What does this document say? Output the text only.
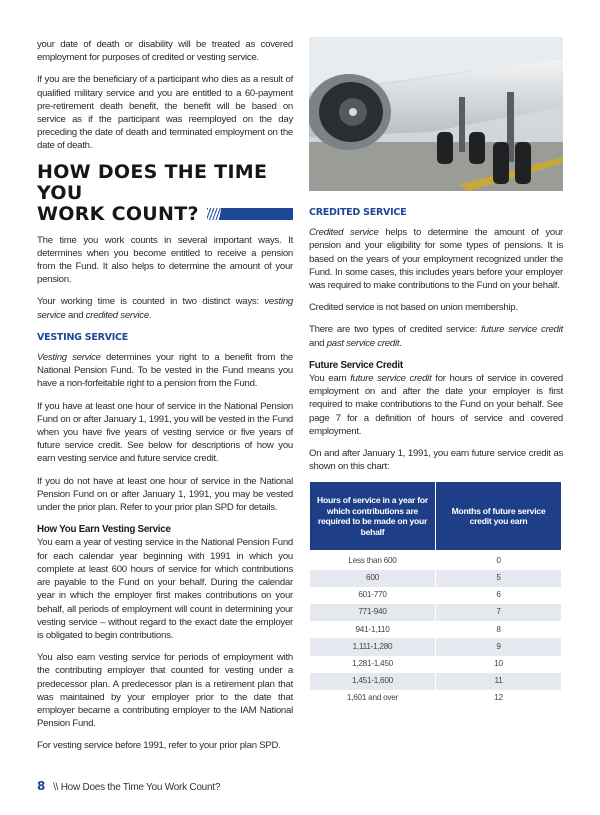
your date of death or disability will be treated as covered employment for purposes of credited or vesting service.

If you are the beneficiary of a participant who dies as a result of qualified military service and you are entitled to a 60-payment pre-retirement death benefit, the benefit will be based on service as if the participant was reemployed on the day preceding the date of death and terminated employment on the date of death.

HOW DOES THE TIME YOU
WORK COUNT?

The time you work counts in several important ways. It determines when you become entitled to receive a pension from the Fund. It also helps to determine the amount of your pension.

Your working time is counted in two distinct ways: vesting service and credited service.

VESTING SERVICE

Vesting service determines your right to a benefit from the National Pension Fund. To be vested in the Fund means you have a non-forfeitable right to a pension from the Fund.

If you have at least one hour of service in the National Pension Fund on or after January 1, 1991, you will be vested in the Fund when you have five years of vesting service or five years of future service credit. See below for descriptions of how you earn vesting service and future service credit.

If you do not have at least one hour of service in the National Pension Fund on or after January 1, 1991, you may be vested under the prior plan. Refer to your prior plan SPD for details.

How You Earn Vesting Service

You earn a year of vesting service in the National Pension Fund for each calendar year beginning with 1991 in which you complete at least 600 hours of service for which contributions are payable to the Fund on your behalf. During the calendar year in which the employer first makes contributions on your behalf, all periods of employment will count in determining your vesting service – without regard to the exact date the employer is obligated to begin contributions.

You also earn vesting service for periods of employment with the contributing employer that counted for vesting under a predecessor plan. A predecessor plan is a retirement plan that was maintained by your employer prior to the date that employer became a contributing employer to the IAM National Pension Fund.

For vesting service before 1991, refer to your prior plan SPD.

8 \\ How Does the Time You Work Count?
CREDITED SERVICE

Credited service helps to determine the amount of your pension and your eligibility for some types of pensions. It is based on the years of your employment recognized under the Fund. In some cases, this includes years before your employer was required to make contributions to the Fund on your behalf.

Credited service is not based on union membership.

There are two types of credited service: future service credit and past service credit.

Future Service Credit

You earn future service credit for hours of service in covered employment on and after the date your employer is first required to make contributions to the Fund on your behalf. See page 7 for a definition of hours of service and covered employment.

On and after January 1, 1991, you earn future service credit as shown on this chart:

Hours of service in a year for which contributions are required to be made on your behalf	Months of future service credit you earn
Less than 600	0
600	5
601-770	6
771-940	7
941-1,110	8
1,111-1,280	9
1,281-1,450	10
1,451-1,600	11
1,601 and over	12
